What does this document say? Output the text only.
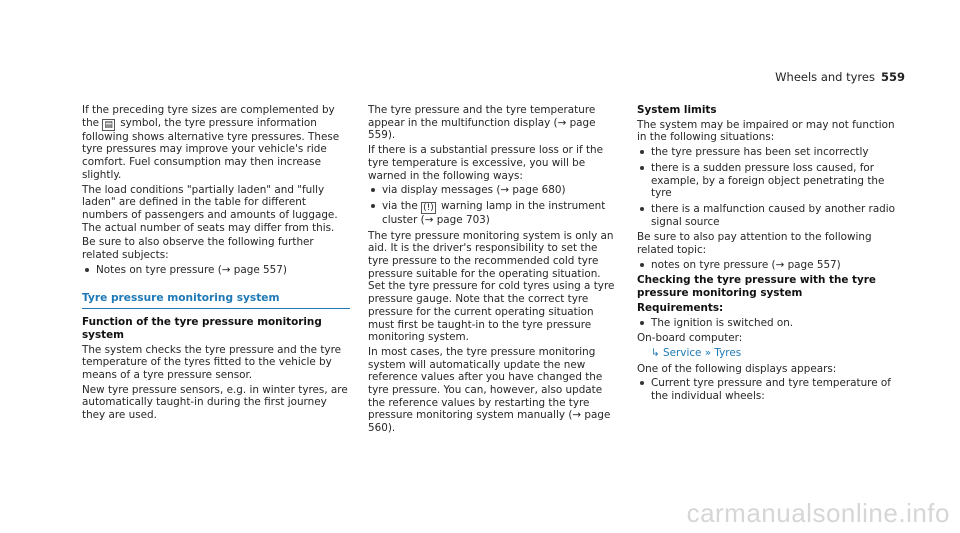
Wheels and tyres 559

If the preceding tyre sizes are complemented by the ▤ symbol, the tyre pressure information following shows alternative tyre pressures. These tyre pressures may improve your vehicle's ride comfort. Fuel consumption may then increase slightly.

The load conditions "partially laden" and "fully laden" are defined in the table for different numbers of passengers and amounts of luggage. The actual number of seats may differ from this.

Be sure to also observe the following further related subjects:

Notes on tyre pressure (→ page 557)
Tyre pressure monitoring system

Function of the tyre pressure monitoring system

The system checks the tyre pressure and the tyre temperature of the tyres fitted to the vehicle by means of a tyre pressure sensor.

New tyre pressure sensors, e.g. in winter tyres, are automatically taught-in during the first journey they are used.

The tyre pressure and the tyre temperature appear in the multifunction display (→ page 559).

If there is a substantial pressure loss or if the tyre temperature is excessive, you will be warned in the following ways:

via display messages (→ page 680)
via the (!) warning lamp in the instrument cluster (→ page 703)

The tyre pressure monitoring system is only an aid. It is the driver's responsibility to set the tyre pressure to the recommended cold tyre pressure suitable for the operating situation. Set the tyre pressure for cold tyres using a tyre pressure gauge. Note that the correct tyre pressure for the current operating situation must first be taught-in to the tyre pressure monitoring system.

In most cases, the tyre pressure monitoring system will automatically update the new reference values after you have changed the tyre pressure. You can, however, also update the reference values by restarting the tyre pressure monitoring system manually (→ page 560).

System limits

The system may be impaired or may not function in the following situations:

the tyre pressure has been set incorrectly
there is a sudden pressure loss caused, for example, by a foreign object penetrating the tyre
there is a malfunction caused by another radio signal source

Be sure to also pay attention to the following related topic:

notes on tyre pressure (→ page 557)

Checking the tyre pressure with the tyre pressure monitoring system

Requirements:

The ignition is switched on.

On-board computer:

↳ Service » Tyres

One of the following displays appears:

Current tyre pressure and tyre temperature of the individual wheels:
carmanualsonline.info
